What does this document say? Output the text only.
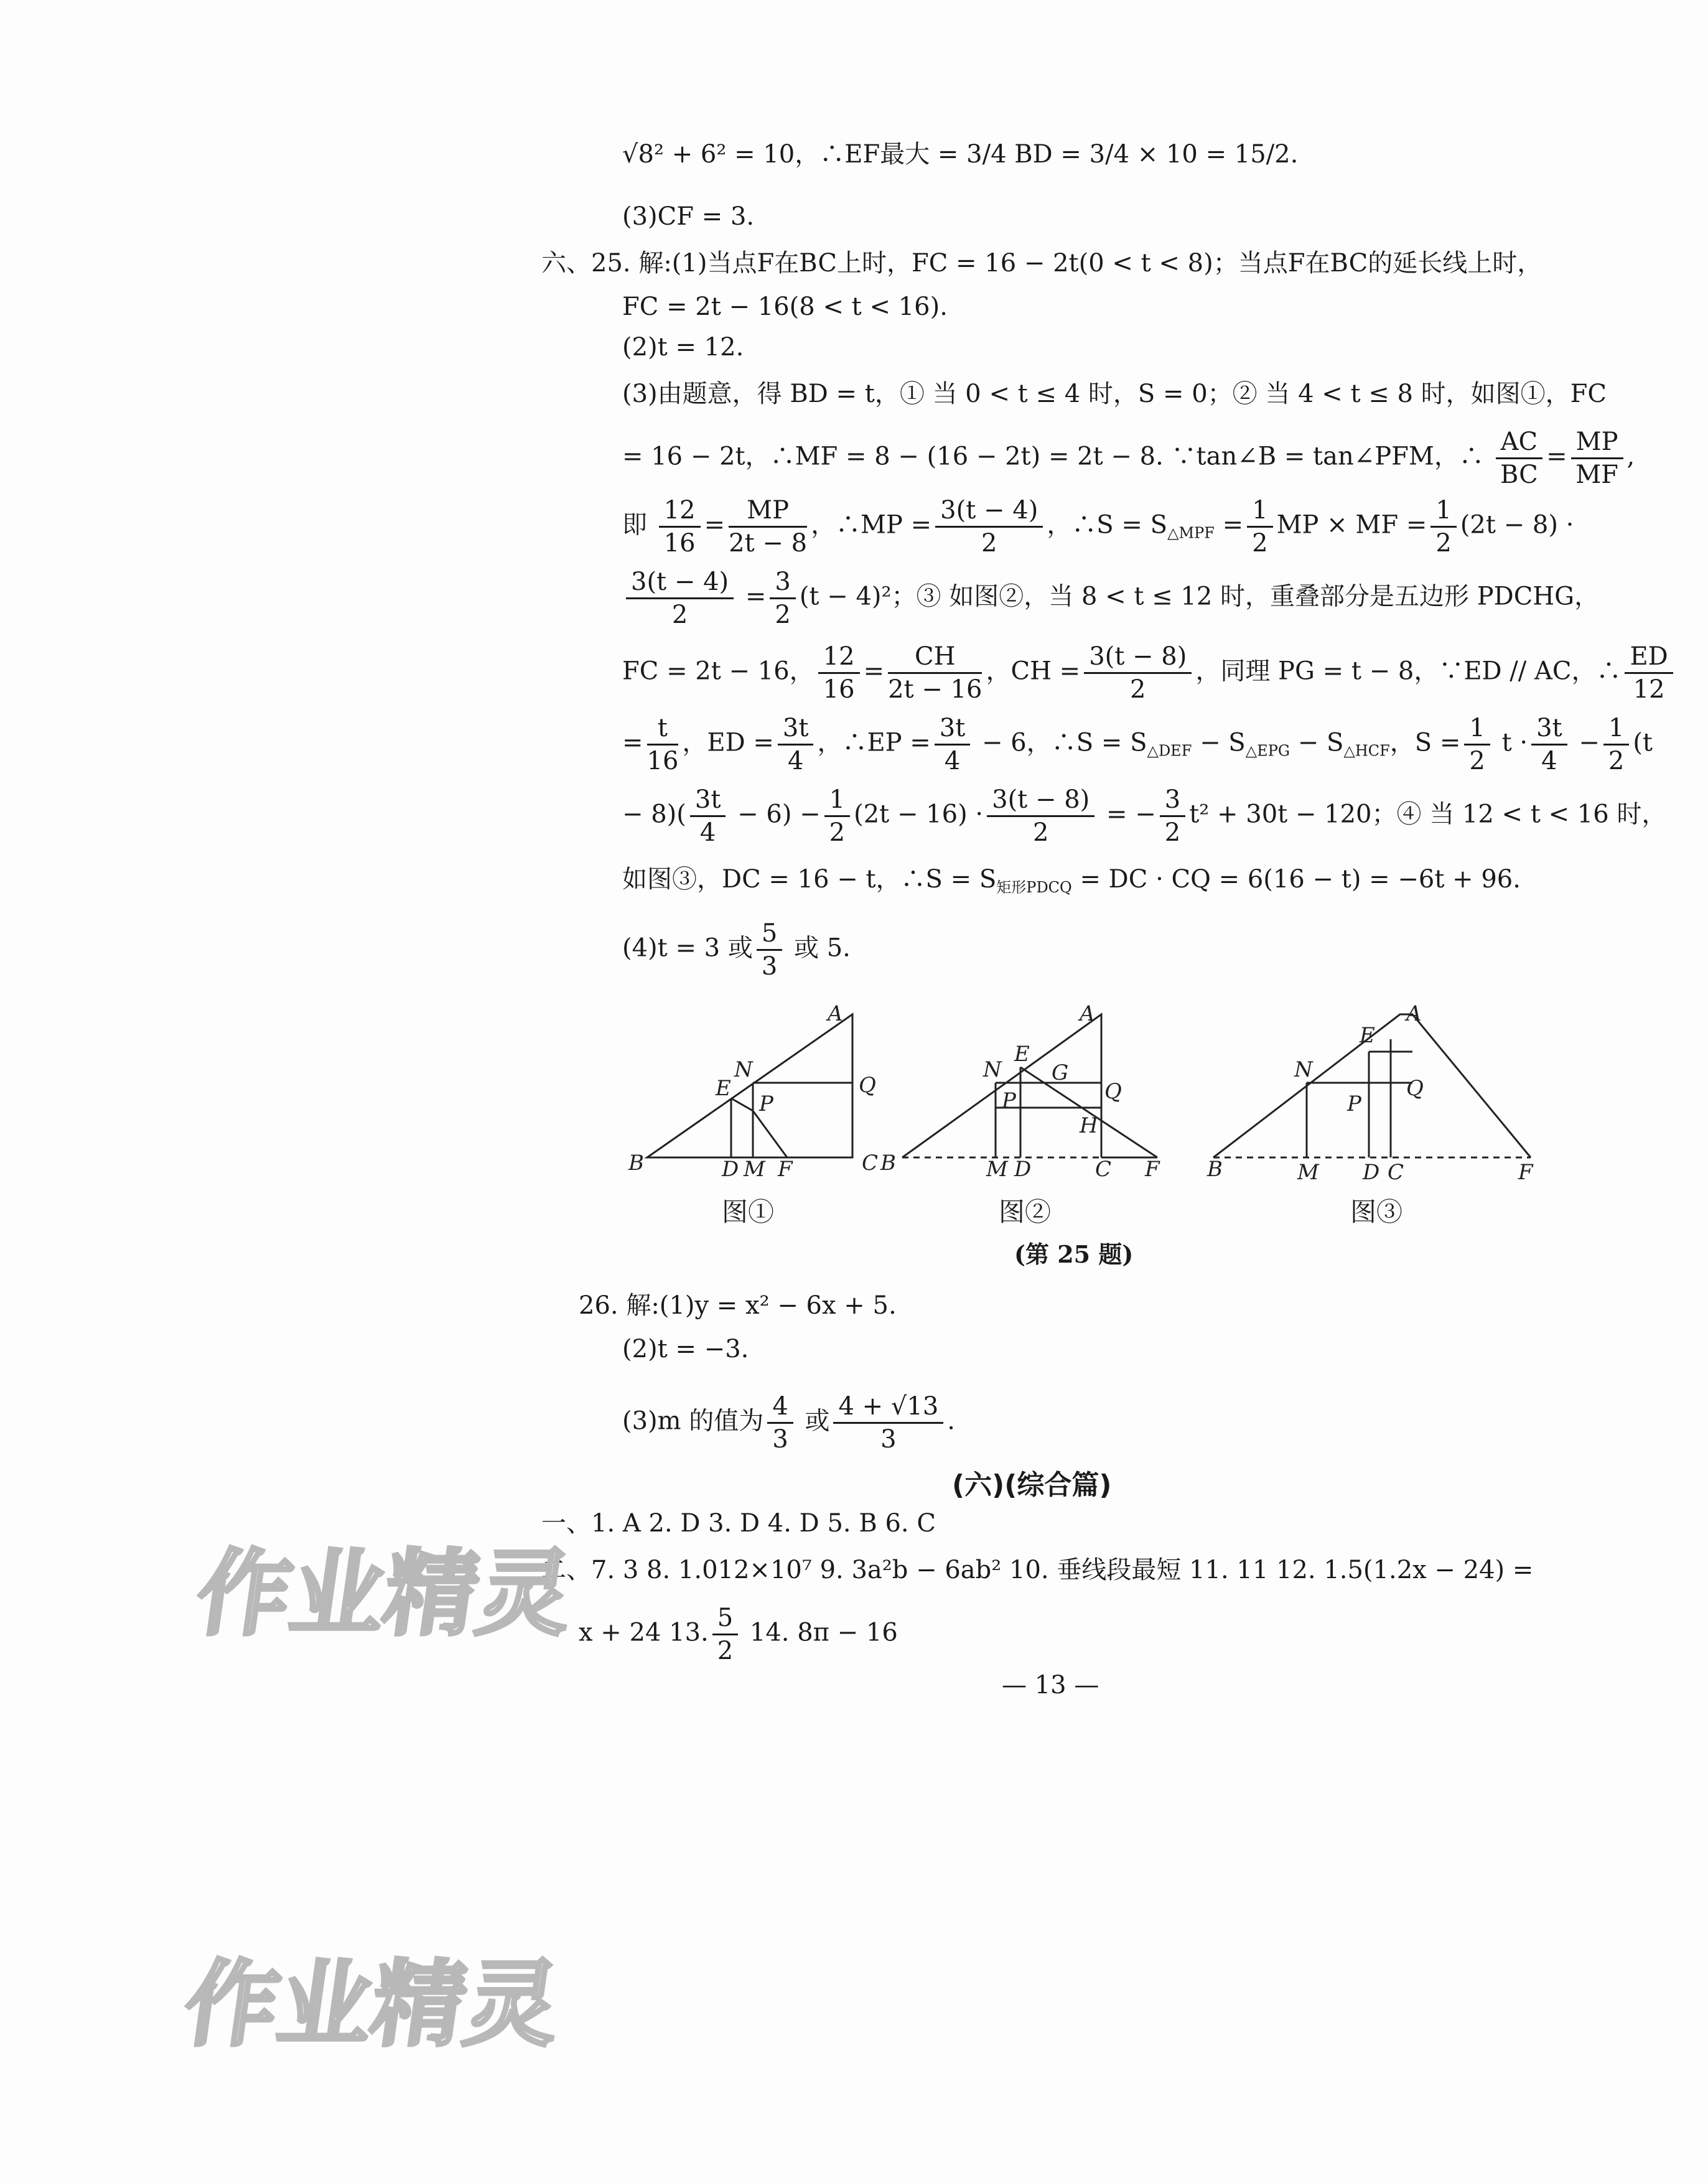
√8² + 6² = 10，∴EF最大 = 3/4 BD = 3/4 × 10 = 15/2.
(3)CF = 3.
六、25. 解:(1)当点F在BC上时，FC = 16 − 2t(0 < t < 8)；当点F在BC的延长线上时，
FC = 2t − 16(8 < t < 16).
(2)t = 12.
(3)由题意，得 BD = t，① 当 0 < t ≤ 4 时，S = 0；② 当 4 < t ≤ 8 时，如图①，FC
= 16 − 2t，∴MF = 8 − (16 − 2t) = 2t − 8. ∵tan∠B = tan∠PFM，∴ $\frac{AC}{BC} = \frac{MP}{MF}$ ,
即 $\frac{12}{16} = \frac{MP}{2t - 8}$ ，∴MP = $\frac{3(t - 4)}{2}$ ，∴S = $S_{\triangle MPF} = \frac{1}{2}$ MP × MF = $\frac{1}{2} (2t - 8)$ ·
$\frac{3(t - 4)}{2} = \frac{3}{2} (t - 4)^2$；③ 如图②，当 8 < t ≤ 12 时，重叠部分是五边形 PDCHG，
FC = 2t − 16， $\frac{12}{16} = \frac{CH}{2t - 16}$ ，CH = $\frac{3(t - 8)}{2}$ ，同理 PG = t − 8，∵ED // AC，∴ $\frac{ED}{12}$
= $\frac{t}{16}$ ，ED = $\frac{3t}{4}$ ，∴EP = $\frac{3t}{4} - 6$，∴S = $S_{\triangle DEF} - S_{\triangle EPG} - S_{\triangle HCF}$，$S = \frac{1}{2}$ $t \cdot \frac{3t}{4} - \frac{1}{2} (t$
− $8)( \frac{3t}{4} - 6) - \frac{1}{2} (2t - 16) \cdot \frac{3(t - 8)}{2}$ = − $\frac{3}{2} t^2 + 30t - 120$；④ 当 12 < t < 16 时，
如图③，DC = 16 − t，∴S = $S_{矩形PDCQ}$ = DC · CQ = 6(16 − t) = −6t + 96.
(4)t = 3 或 $\frac{5}{3}$ 或 5.
B
A
C
N
E
P
Q
D M F	B
A
C
N
E
G
P	Q
H
M D	F B
A
C
N
E
P
Q
M D	F
图①	图②	图③
(第 25 题)
26. 解:(1)y = x² − 6x + 5.
(2)t = −3.
(3)m 的值为 $\frac{4}{3}$ 或 $\frac{4 + √13}{3}$ .
(六)(综合篇)
一、1. A 2. D 3. D 4. D 5. B 6. C
二、7. 3 8. 1.012×10⁷ 9. 3a²b − 6ab² 10. 垂线段最短 11. 11 12. 1.5(1.2x − 24) =
x + 24 13. $\frac{5}{2} 14$. 8π − 16
— 13 —
作业精灵
作业精灵
